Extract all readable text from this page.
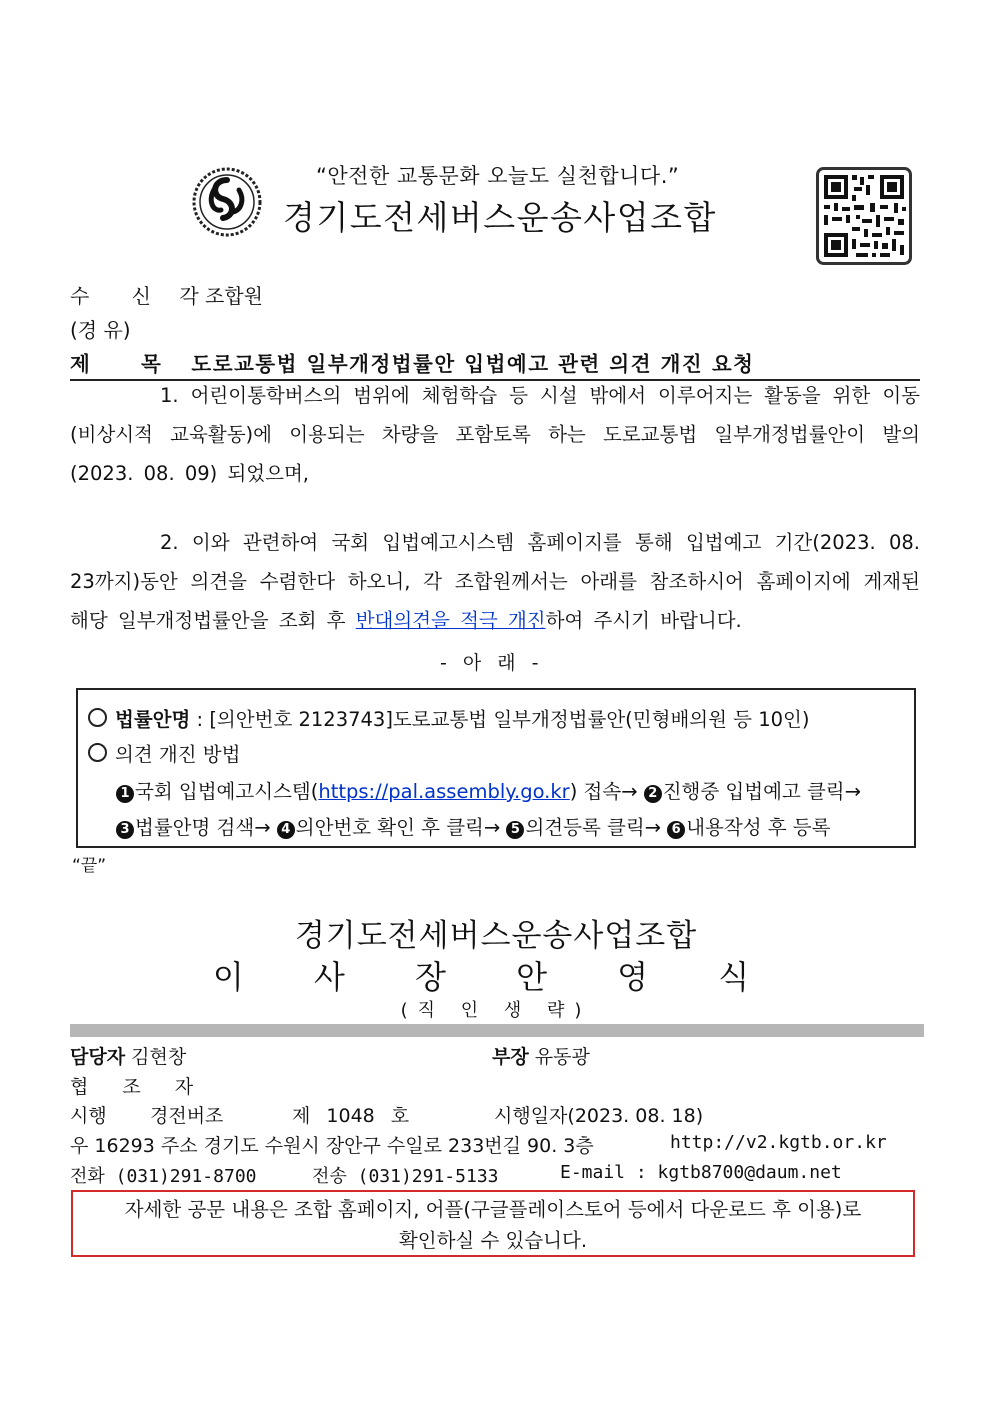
“안전한 교통문화 오늘도 실천합니다.”
경기도전세버스운송사업조합
수 신 각 조합원
(경 유)
제 목 도로교통법 일부개정법률안 입법예고 관련 의견 개진 요청
1. 어린이통학버스의 범위에 체험학습 등 시설 밖에서 이루어지는 활동을 위한 이동(비상시적 교육활동)에 이용되는 차량을 포함토록 하는 도로교통법 일부개정법률안이 발의(2023. 08. 09) 되었으며,
2. 이와 관련하여 국회 입법예고시스템 홈페이지를 통해 입법예고 기간(2023. 08. 23까지)동안 의견을 수렴한다 하오니, 각 조합원께서는 아래를 참조하시어 홈페이지에 게재된 해당 일부개정법률안을 조회 후 반대의견을 적극 개진하여 주시기 바랍니다.
- 아 래 -
법률안명 : [의안번호 2123743]도로교통법 일부개정법률안(민형배의원 등 10인)
의견 개진 방법
1 국회 입법예고시스템(https://pal.assembly.go.kr) 접속→ 2 진행중 입법예고 클릭→
3 법률안명 검색→ 4 의안번호 확인 후 클릭→ 5 의견등록 클릭→ 6 내용작성 후 등록
“끝”
경기도전세버스운송사업조합
이 사 장 안 영 식
(직 인 생 략)
담당자 김현창	부장 유동광
협 조 자
시행 경전버조	제 1048 호	시행일자(2023. 08. 18)
우 16293 주소 경기도 수원시 장안구 수일로 233번길 90. 3층	http://v2.kgtb.or.kr
전화 (031)291-8700	전송 (031)291-5133	E-mail : kgtb8700@daum.net
자세한 공문 내용은 조합 홈페이지, 어플(구글플레이스토어 등에서 다운로드 후 이용)로
확인하실 수 있습니다.
